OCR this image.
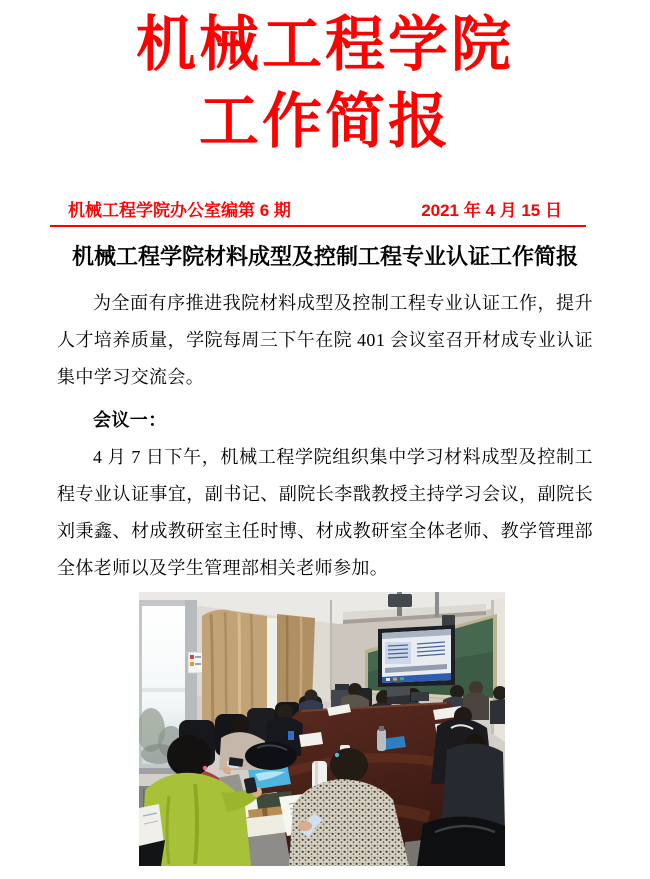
机械工程学院
工作简报
机械工程学院办公室编第 6 期	2021 年 4 月 15 日
机械工程学院材料成型及控制工程专业认证工作简报

为全面有序推进我院材料成型及控制工程专业认证工作，提升人才培养质量，学院每周三下午在院 401 会议室召开材成专业认证集中学习交流会。

会议一：

4 月 7 日下午，机械工程学院组织集中学习材料成型及控制工程专业认证事宜，副书记、副院长李戬教授主持学习会议，副院长刘秉鑫、材成教研室主任时博、材成教研室全体老师、教学管理部全体老师以及学生管理部相关老师参加。
